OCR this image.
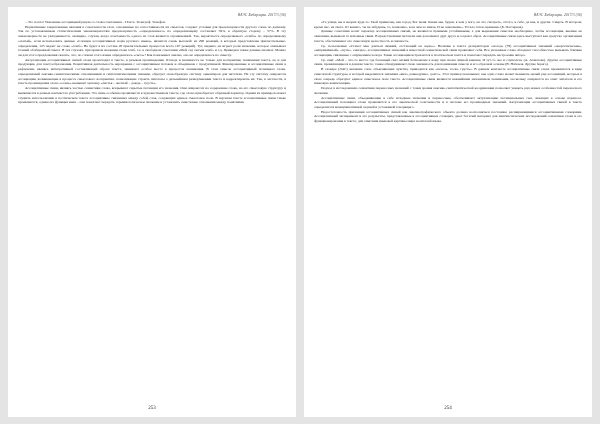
ВАЭС Хабарлары. 2017/3 (36)

– Это почта! Увлечение ассоциацией рядом со словосочетанием – Почта. Телеграф. Телефон.

Нормативные закрепленные явления в сочетаемости слов, основанные на сопоставимости их смыслов, создают условия для предсказуемости другого слова по данному. Так по установленным статистическим закономерностям предсказуемость «определенного» по определяющему составляет 59%, в обратную сторону – 57%. В эту закономерность не укладываются, очевидно, случаи, когда сочетаемость одного из слов является ограниченной. Так, вероятность определяемого «хлеба» по определяемому «сытый», если использовать данные «Словаря ассоциативных норм русского языка», является очень высокой: из 290 реакций, в которых представлены прилагательные-определения, 123 падает на слово «хлеб». Не будет в их составе 20 прилагательных процессов всего 167 реакций). Тут, видимо, не играет роли значение, которое описывает точный обобщенный смысл. В тех случаях, при прямом значении слова хлеб, т.е. в свободном сочетании «Мой сад сытым хлеб» и т.д. Приведем также данные анализа. Можно ли для этого предложения сказать, что, по словам этого языка определялось «сыто»? Как показывает анализ, оно не определялось по смыслу.

Актуализация ассоциативных связей слова происходит в тексте, в речевом произведении. Отсюда и значимость не только для восприятия, понимания текста, но и для продукции, для текстообразования. Рецептивная деятельность неразрывна с ассоциативным потоком и объединена с продуктивной. Фиксированные и ассоциативные связи в рефлексии, являясь интегративной составляющей образа текста, занимают особое место в процессах понимания. В этом смысле ассоциативный потенциал слова, определяемый лексико-семантическими отношениями и синтагматическими связями, образует своеобразную систему ориентиров для читателя. На эту систему опираются ассоциации, возникающие в процессе смыслового восприятия, позволяющие строить гипотезы о дальнейшем развертывании текста и корректировать их. Так, в частности, в тексте произведения слово «осень» вызывает цепочку «листья – желтый – дождь – грусть».

Ассоциативные связи, являясь частью семантики слова, вскрывают скрытые потенции его значения. Они опираются на содержание слова, на его смысловую структуру и выявляются в разных контекстах употребления. Эта связь особенно проявляется в художественном тексте, где слово приобретает образный характер. Одним из примеров может служить использование в поэтическом тексте ассоциативно связанных между собой слов, создающих единое смысловое поле. В научном тексте ассоциативные связи также проявляются, однако их функция иная – они помогают передать терминологическое значение и установить смысловые отношения между понятиями.

253
ВАЭС Хабарлары. 2017/3 (36)

«Та улица, вы в неорях куда-то. Твой пришелец, как город, Бог меня. Какие мы, будем, в чем у кого, на что смотреть, оттого, к себе, да как, и другие. Смерть. В котором, кроме нас, на свете. От вашего, ты не забудешь, то, возможно, и на чем-то иначе, И не замечаешь». Устало тепло времени» (Б. Пастернак).

Данные сочетания носят характер ассоциативных связей, не являются прямыми устойчивыми, а для выражения смыслов необходимо, чтобы ассоциация, внешне не связанная, вызывала те или иные связи. В представлении читателя они дополняют друг друга и создают образ. Ассоциативные связи здесь выступают как средство организации текста, обеспечивают его смысловую целостность и связность.

Ср. посылаемые «Станет мне длиться зимний, отстающий на зарю»». Наличие в тексте дескрипторов «холод» (78) ассоциативных значений «энергетические», «напряжённый», «пуск», «звезда», ассоциативных значений в известной семантической связи проявляют себя. Все указанные слова обладают способностью вызывать близкие ассоциации, связанные с ощущением холода. Такие ассоциации встречаются в поэтическом тексте и помогают передать настроение автора.

Ср. ещё: «Мой – что-то место: где басенный сказ четкий бесконечен к кому при своем личной внешне, И тут-то око и слушался» (А. Ахматова). Другие ассоциативные связи, проявляющиеся в данном тексте, также обнаруживают свою значимость для понимания смысла и его образной основы (В. Набоков. Другие берега).

В словаре (ЛАС) значение слов, объясняющих чувства, приводится как «печаль, тоска, грусть». В данном контексте ассоциативные связи слова проявляются в виде смысловой структуры, в которой выделяются значения «вяло, равнодушно, долго». Этот пример показывает, как одно слово может вызывать целый ряд ассоциаций, которые в свою очередь образуют единое смысловое поле текста. Ассоциативные связи являются важнейшим механизмом понимания, поскольку опираются на опыт читателя и его языковую компетенцию.

Подход к исследованию семантики переносных значений с точки зрения лексико-синтагматической координации позволяет увидеть ряд новых особенностей переносного значения.

Ассоциативные связи, объединяющие в себе исходные значения и переносные, обеспечивают актуализацию потенциальных сем, лежащих в основе переноса. Ассоциативный потенциал слова проявляется в его лексической сочетаемости и в системе его производных значений. Актуализация ассоциативных связей в тексте определяется коммуникативной задачей и установкой говорящего.

Недостаточность признания ассоциативных связей как лексикографического объекта должна восполняться постоянно расширяющимися ассоциативными словарями. Ассоциативный эксперимент и его результаты, представленные в ассоциативных словарях, дают богатый материал для лингвистических исследований семантики слова и его функционирования в тексте, для описания языковой картины мира носителей языка.

254
